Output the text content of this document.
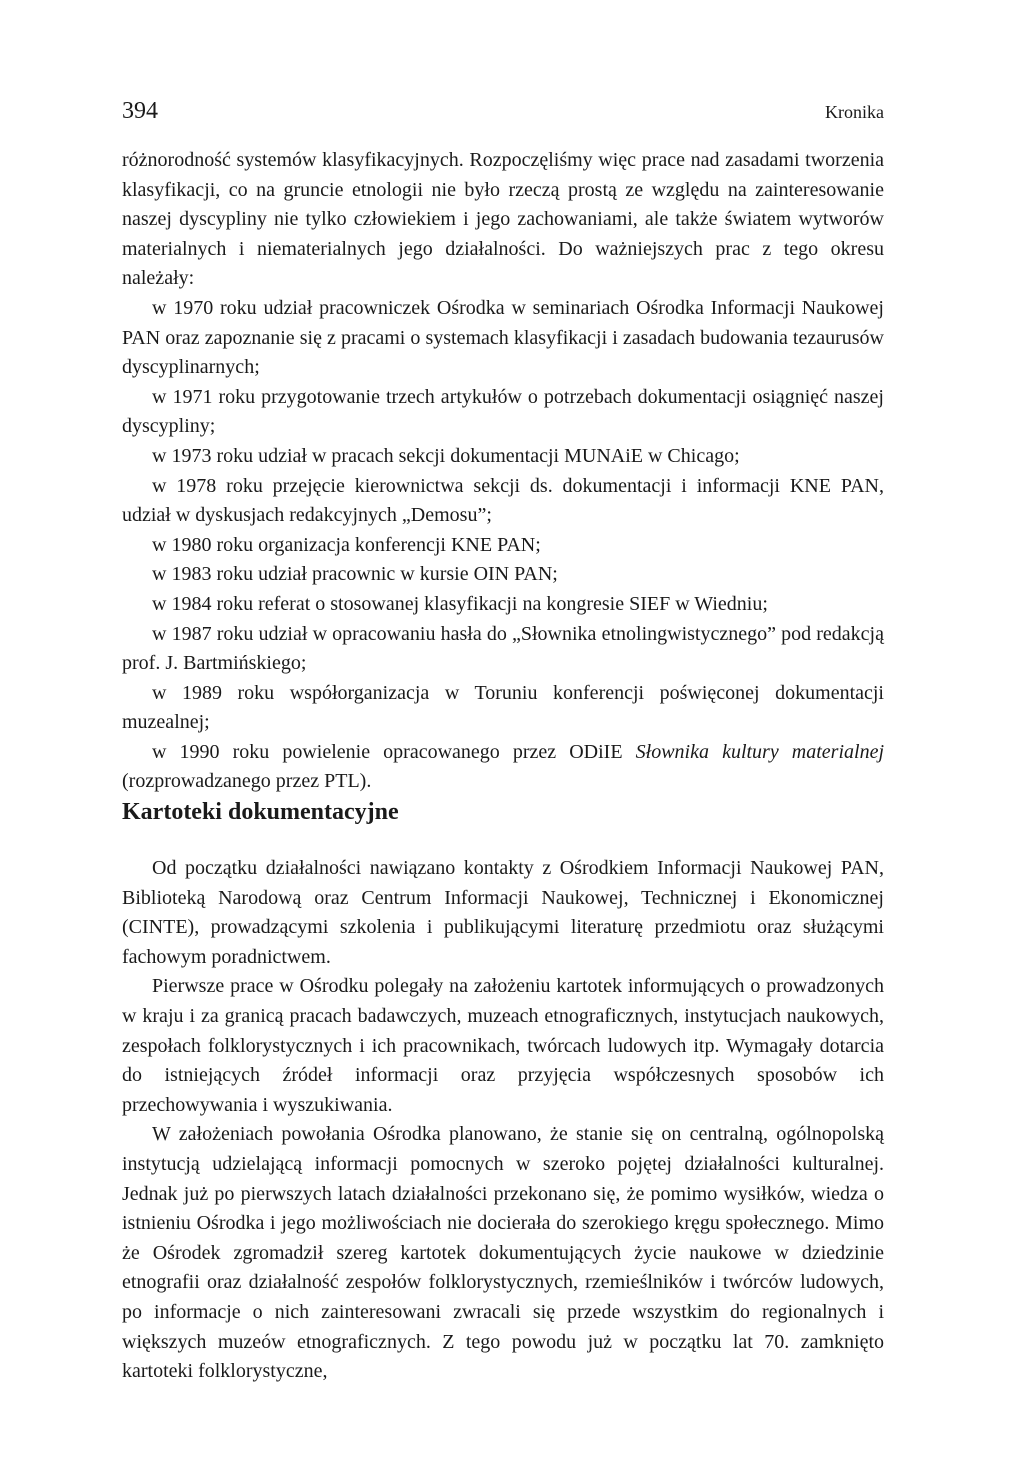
394	Kronika

różnorodność systemów klasyfikacyjnych. Rozpoczęliśmy więc prace nad zasadami tworzenia klasyfikacji, co na gruncie etnologii nie było rzeczą prostą ze względu na zainteresowanie naszej dyscypliny nie tylko człowiekiem i jego zachowaniami, ale także światem wytworów materialnych i niematerialnych jego działalności. Do ważniejszych prac z tego okresu należały:

w 1970 roku udział pracowniczek Ośrodka w seminariach Ośrodka Informacji Naukowej PAN oraz zapoznanie się z pracami o systemach klasyfikacji i zasadach budowania tezaurusów dyscyplinarnych;

w 1971 roku przygotowanie trzech artykułów o potrzebach dokumentacji osiągnięć naszej dyscypliny;

w 1973 roku udział w pracach sekcji dokumentacji MUNAiE w Chicago;

w 1978 roku przejęcie kierownictwa sekcji ds. dokumentacji i informacji KNE PAN, udział w dyskusjach redakcyjnych „Demosu”;

w 1980 roku organizacja konferencji KNE PAN;

w 1983 roku udział pracownic w kursie OIN PAN;

w 1984 roku referat o stosowanej klasyfikacji na kongresie SIEF w Wiedniu;

w 1987 roku udział w opracowaniu hasła do „Słownika etnolingwistycznego” pod redakcją prof. J. Bartmińskiego;

w 1989 roku współorganizacja w Toruniu konferencji poświęconej dokumentacji muzealnej;

w 1990 roku powielenie opracowanego przez ODiIE Słownika kultury materialnej (rozprowadzanego przez PTL).

Kartoteki dokumentacyjne

Od początku działalności nawiązano kontakty z Ośrodkiem Informacji Naukowej PAN, Biblioteką Narodową oraz Centrum Informacji Naukowej, Technicznej i Ekonomicznej (CINTE), prowadzącymi szkolenia i publikującymi literaturę przedmiotu oraz służącymi fachowym poradnictwem.

Pierwsze prace w Ośrodku polegały na założeniu kartotek informujących o prowadzonych w kraju i za granicą pracach badawczych, muzeach etnograficznych, instytucjach naukowych, zespołach folklorystycznych i ich pracownikach, twórcach ludowych itp. Wymagały dotarcia do istniejących źródeł informacji oraz przyjęcia współczesnych sposobów ich przechowywania i wyszukiwania.

W założeniach powołania Ośrodka planowano, że stanie się on centralną, ogólnopolską instytucją udzielającą informacji pomocnych w szeroko pojętej działalności kulturalnej. Jednak już po pierwszych latach działalności przekonano się, że pomimo wysiłków, wiedza o istnieniu Ośrodka i jego możliwościach nie docierała do szerokiego kręgu społecznego. Mimo że Ośrodek zgromadził szereg kartotek dokumentujących życie naukowe w dziedzinie etnografii oraz działalność zespołów folklorystycznych, rzemieślników i twórców ludowych, po informacje o nich zainteresowani zwracali się przede wszystkim do regionalnych i większych muzeów etnograficznych. Z tego powodu już w początku lat 70. zamknięto kartoteki folklorystyczne,
